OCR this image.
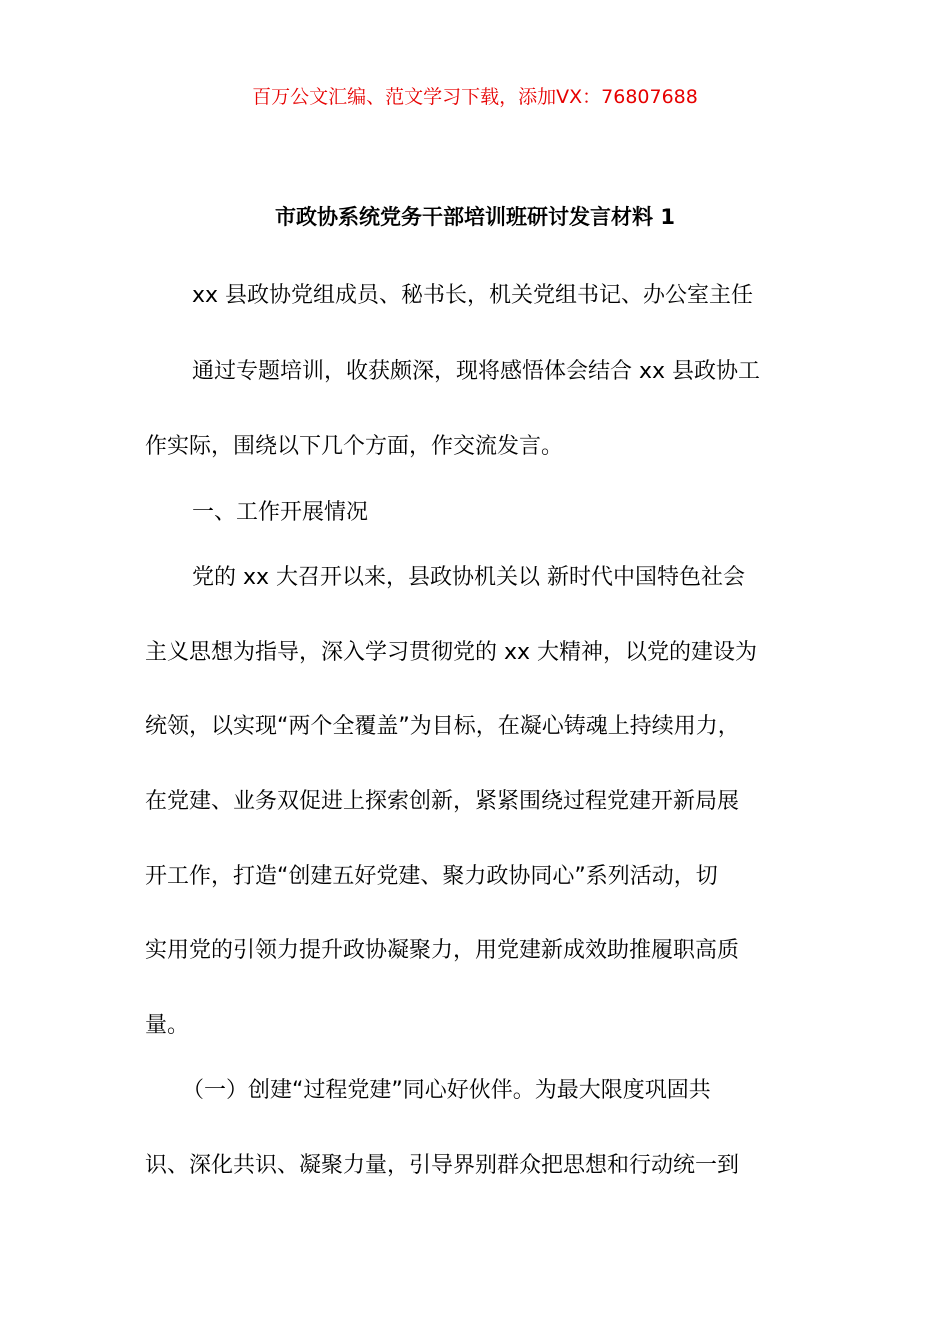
百万公文汇编、范文学习下载，添加VX：76807688
市政协系统党务干部培训班研讨发言材料 1
xx 县政协党组成员、秘书长，机关党组书记、办公室主任
通过专题培训，收获颇深，现将感悟体会结合 xx 县政协工
作实际，围绕以下几个方面，作交流发言。
一、工作开展情况
党的 xx 大召开以来，县政协机关以 新时代中国特色社会
主义思想为指导，深入学习贯彻党的 xx 大精神，以党的建设为
统领，以实现“两个全覆盖”为目标，在凝心铸魂上持续用力，
在党建、业务双促进上探索创新，紧紧围绕过程党建开新局展
开工作，打造“创建五好党建、聚力政协同心”系列活动，切
实用党的引领力提升政协凝聚力，用党建新成效助推履职高质
量。
（一）创建“过程党建”同心好伙伴。为最大限度巩固共
识、深化共识、凝聚力量，引导界别群众把思想和行动统一到
